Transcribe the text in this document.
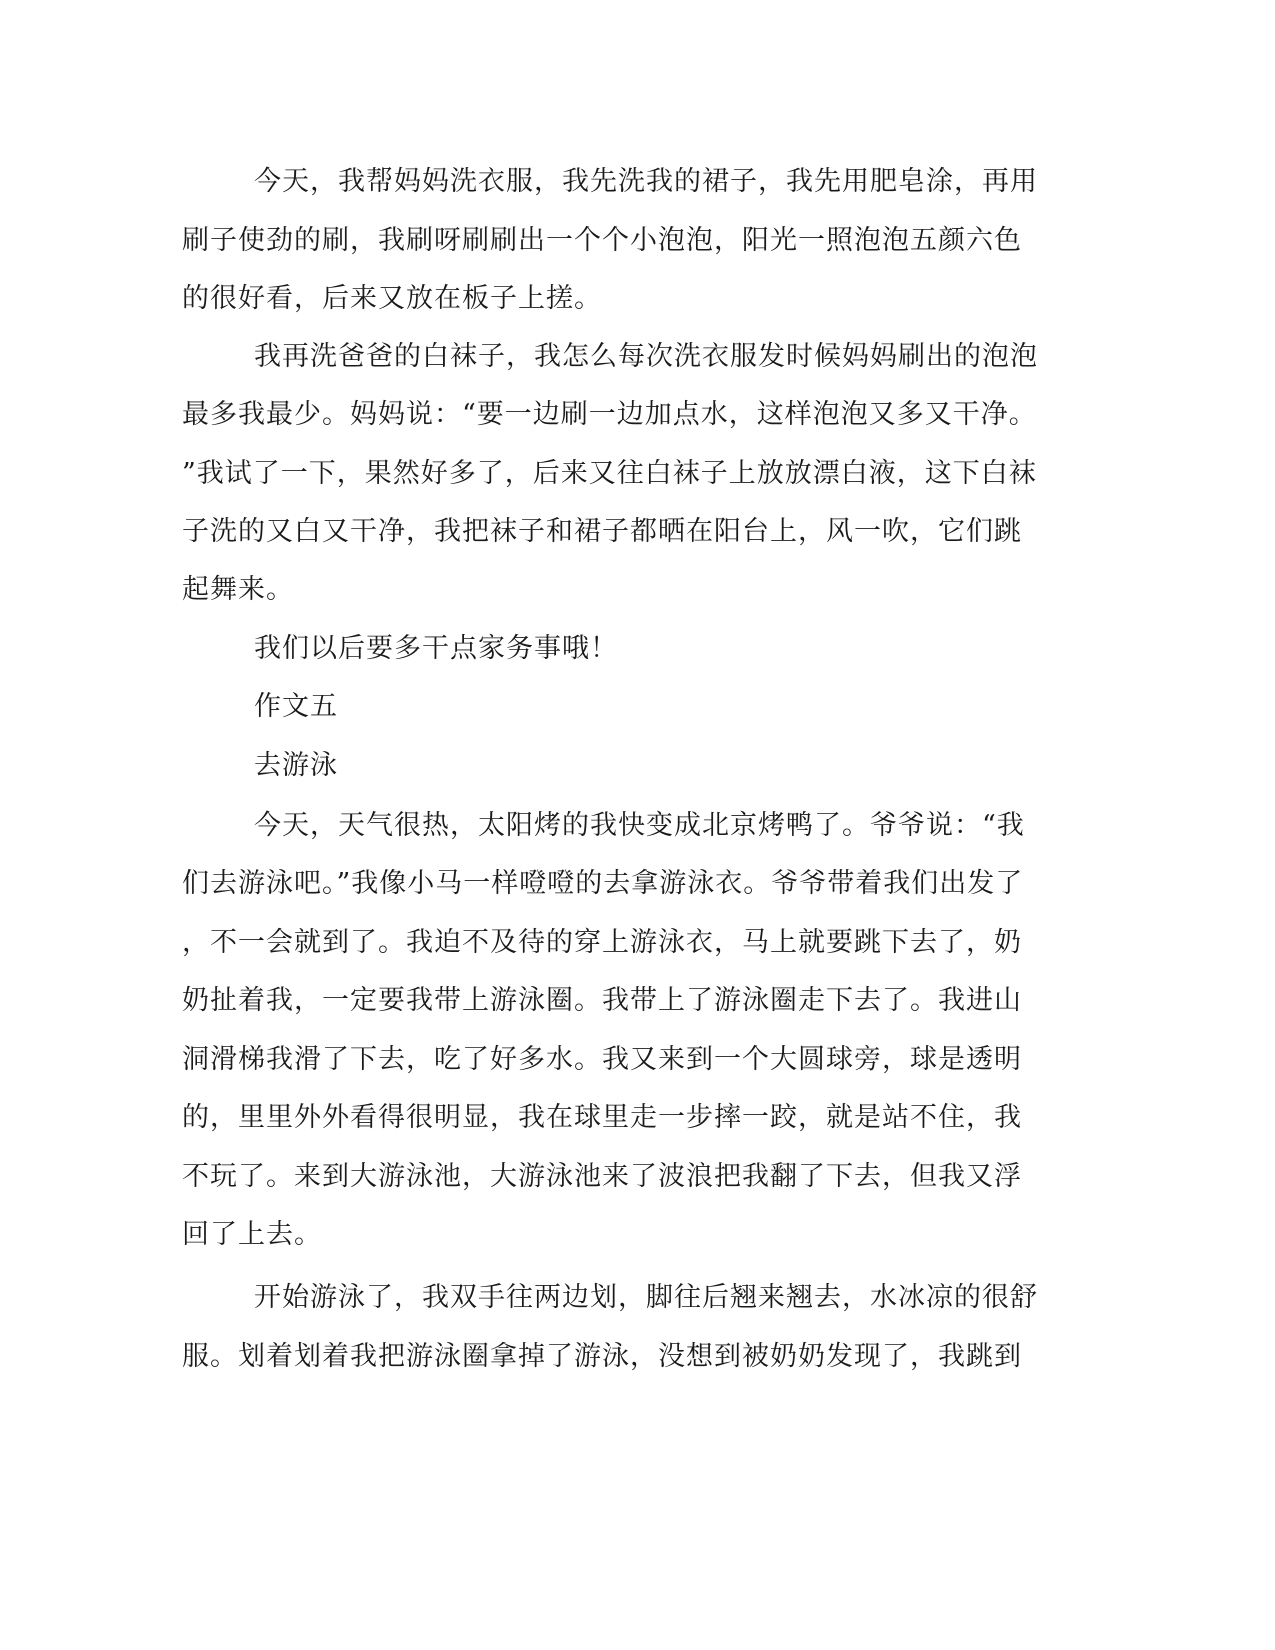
今天，我帮妈妈洗衣服，我先洗我的裙子，我先用肥皂涂，再用
刷子使劲的刷，我刷呀刷刷出一个个小泡泡，阳光一照泡泡五颜六色
的很好看，后来又放在板子上搓。
我再洗爸爸的白袜子，我怎么每次洗衣服发时候妈妈刷出的泡泡
最多我最少。妈妈说：“要一边刷一边加点水，这样泡泡又多又干净。
”我试了一下，果然好多了，后来又往白袜子上放放漂白液，这下白袜
子洗的又白又干净，我把袜子和裙子都晒在阳台上，风一吹，它们跳
起舞来。
我们以后要多干点家务事哦！
作文五
去游泳
今天，天气很热，太阳烤的我快变成北京烤鸭了。爷爷说：“我
们去游泳吧。”我像小马一样噔噔的去拿游泳衣。爷爷带着我们出发了
，不一会就到了。我迫不及待的穿上游泳衣，马上就要跳下去了，奶
奶扯着我，一定要我带上游泳圈。我带上了游泳圈走下去了。我进山
洞滑梯我滑了下去，吃了好多水。我又来到一个大圆球旁，球是透明
的，里里外外看得很明显，我在球里走一步摔一跤，就是站不住，我
不玩了。来到大游泳池，大游泳池来了波浪把我翻了下去，但我又浮
回了上去。
开始游泳了，我双手往两边划，脚往后翘来翘去，水冰凉的很舒
服。划着划着我把游泳圈拿掉了游泳，没想到被奶奶发现了，我跳到
